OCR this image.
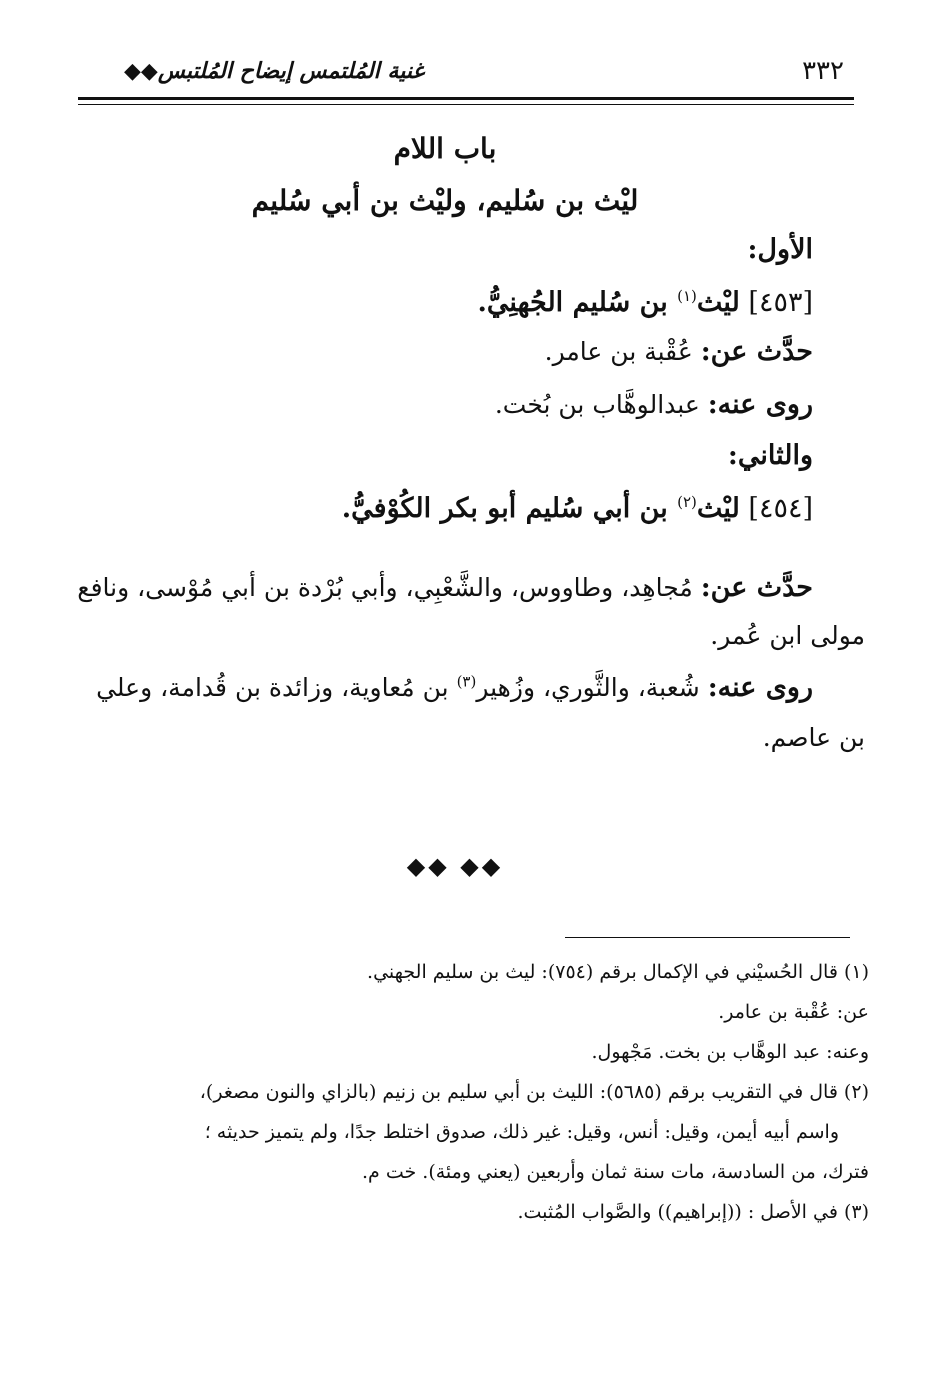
٣٣٢
غنية المُلتمس إيضاح المُلتبس◆◆
باب اللام
ليْث بن سُليم، وليْث بن أبي سُليم

الأول:

[٤٥٣] ليْث$^{(١)}$ بن سُليم الجُهنِيُّ.

حدَّث عن: عُقْبة بن عامر.

روى عنه: عبدالوهَّاب بن بُخت.

والثاني:

[٤٥٤] ليْث$^{(٢)}$ بن أبي سُليم أبو بكر الكُوْفيُّ.

حدَّث عن: مُجاهِد، وطاووس، والشَّعْبِي، وأبي بُرْدة بن أبي مُوْسى، ونافع

مولى ابن عُمر.

روى عنه: شُعبة، والثَّوري، وزُهير$^{(٣)}$ بن مُعاوية، وزائدة بن قُدامة، وعلي

بن عاصم.

◆◆ ◆◆

(١) قال الحُسيْني في الإكمال برقم (٧٥٤): ليث بن سليم الجهني.

عن: عُقْبة بن عامر.

وعنه: عبد الوهَّاب بن بخت. مَجْهول.

(٢) قال في التقريب برقم (٥٦٨٥): الليث بن أبي سليم بن زنيم (بالزاي والنون مصغر)،

واسم أبيه أيمن، وقيل: أنس، وقيل: غير ذلك، صدوق اختلط جدًا، ولم يتميز حديثه ؛

فترك، من السادسة، مات سنة ثمان وأربعين (يعني ومئة). خت م.

(٣) في الأصل : ((إبراهيم)) والصَّواب المُثبت.
